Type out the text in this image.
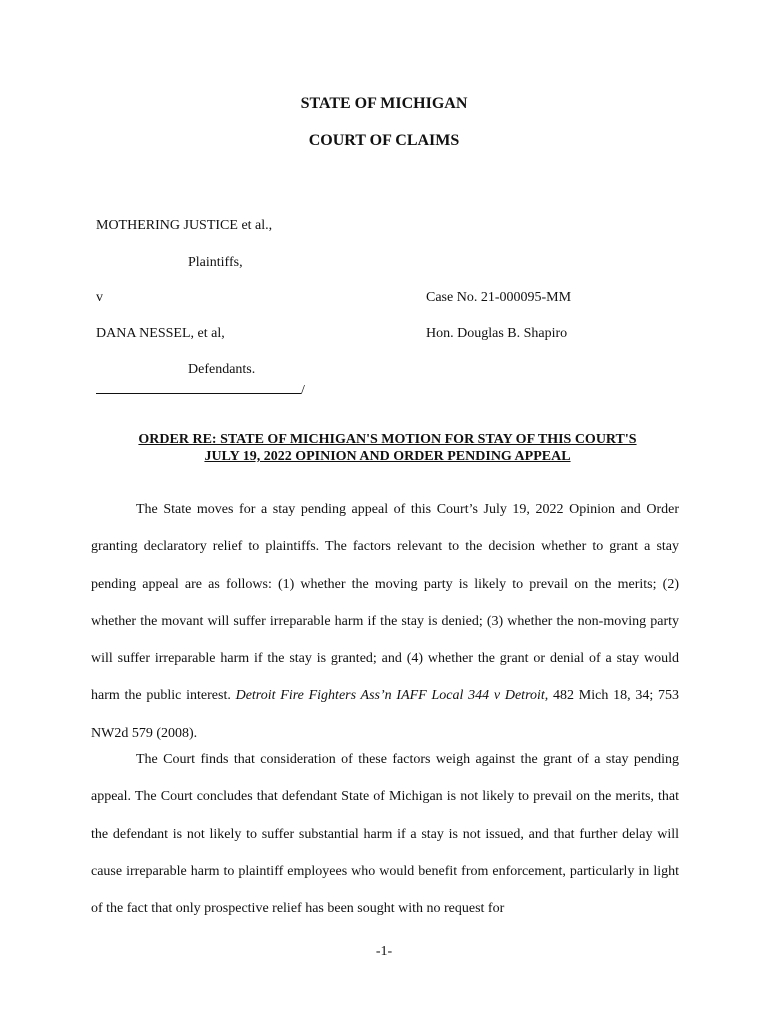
STATE OF MICHIGAN
COURT OF CLAIMS
MOTHERING JUSTICE et al.,
Plaintiffs,
v	Case No. 21-000095-MM
DANA NESSEL, et al,	Hon. Douglas B. Shapiro
Defendants.
/
ORDER RE: STATE OF MICHIGAN'S MOTION FOR STAY OF THIS COURT'S
JULY 19, 2022 OPINION AND ORDER PENDING APPEAL

The State moves for a stay pending appeal of this Court’s July 19, 2022 Opinion and Order granting declaratory relief to plaintiffs. The factors relevant to the decision whether to grant a stay pending appeal are as follows: (1) whether the moving party is likely to prevail on the merits; (2) whether the movant will suffer irreparable harm if the stay is denied; (3) whether the non-moving party will suffer irreparable harm if the stay is granted; and (4) whether the grant or denial of a stay would harm the public interest. Detroit Fire Fighters Ass’n IAFF Local 344 v Detroit, 482 Mich 18, 34; 753 NW2d 579 (2008).

The Court finds that consideration of these factors weigh against the grant of a stay pending appeal. The Court concludes that defendant State of Michigan is not likely to prevail on the merits, that the defendant is not likely to suffer substantial harm if a stay is not issued, and that further delay will cause irreparable harm to plaintiff employees who would benefit from enforcement, particularly in light of the fact that only prospective relief has been sought with no request for

-1-
